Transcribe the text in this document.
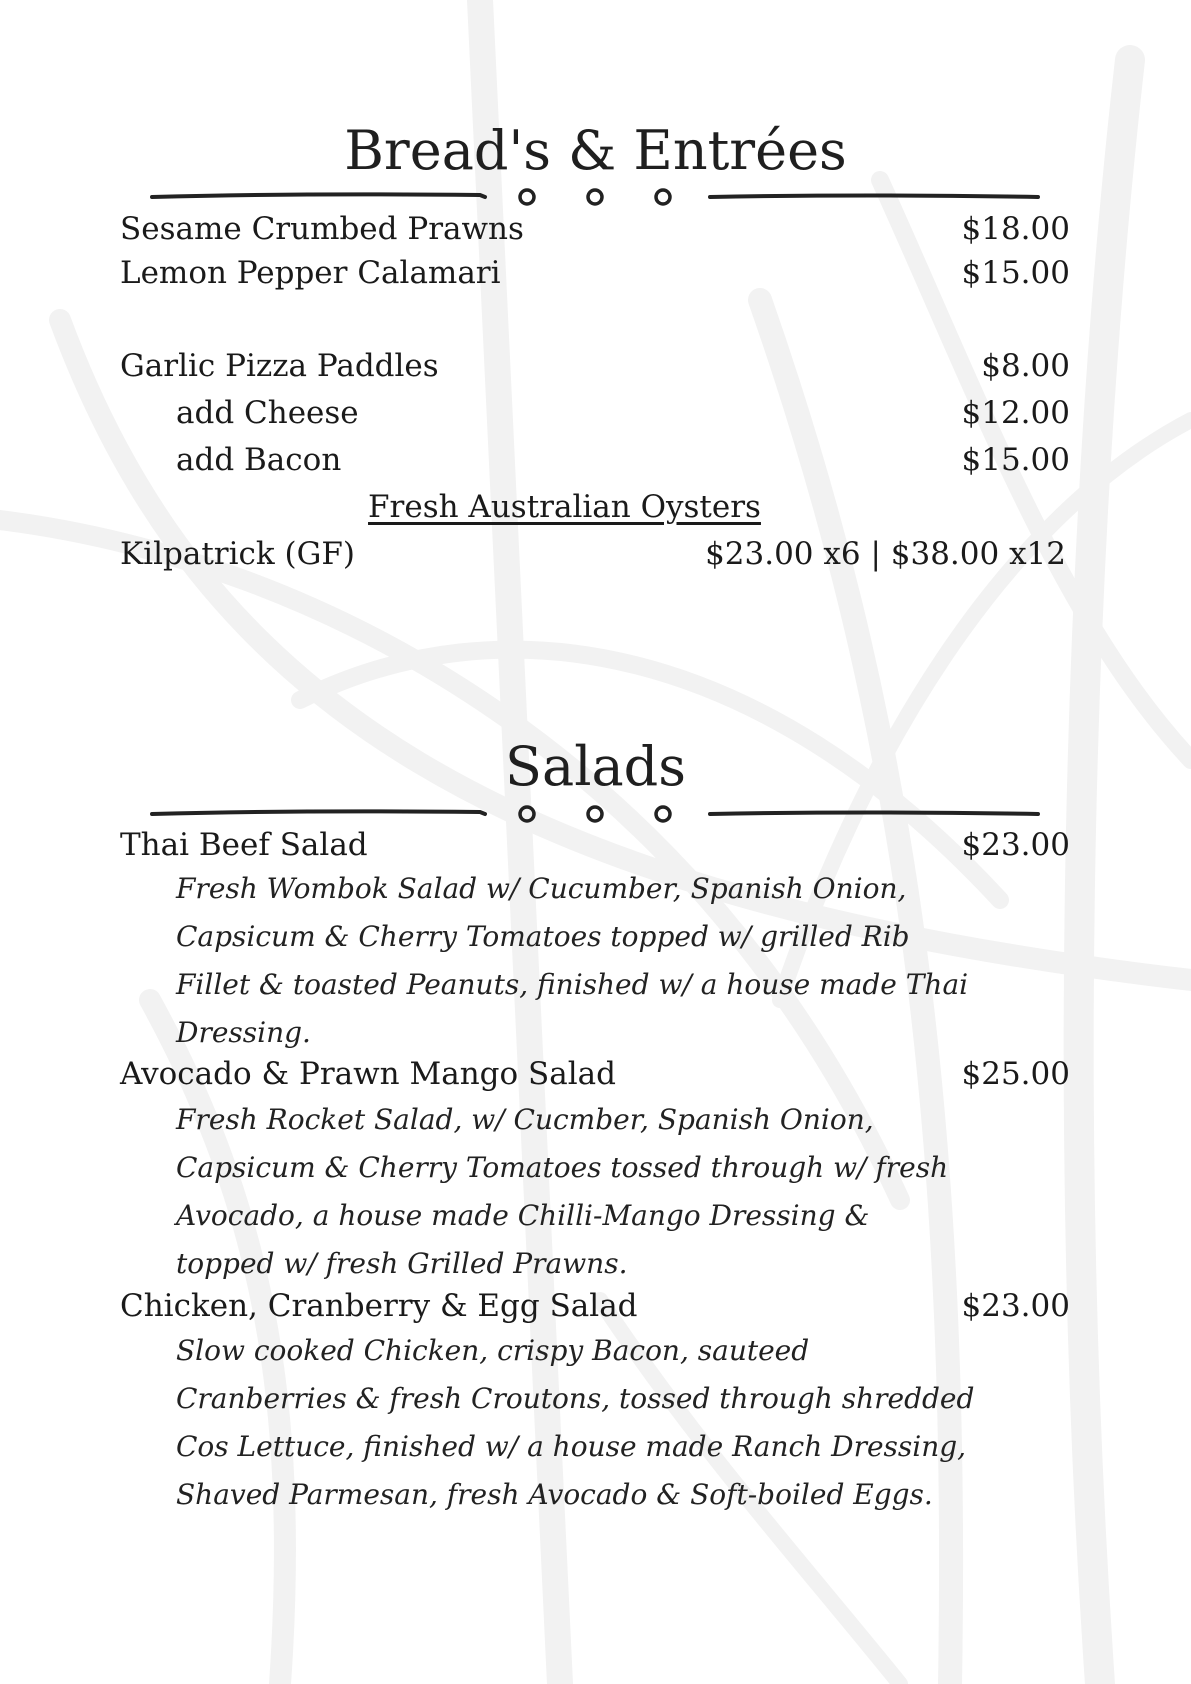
Bread's & Entrées
Sesame Crumbed Prawns	$18.00
Lemon Pepper Calamari	$15.00
Garlic Pizza Paddles	$8.00
add Cheese	$12.00
add Bacon	$15.00
Fresh Australian Oysters
Kilpatrick (GF)	$23.00 x6 | $38.00 x12
Salads
Thai Beef Salad	$23.00
Fresh Wombok Salad w/ Cucumber, Spanish Onion,
Capsicum & Cherry Tomatoes topped w/ grilled Rib
Fillet & toasted Peanuts, finished w/ a house made Thai
Dressing.
Avocado & Prawn Mango Salad	$25.00
Fresh Rocket Salad, w/ Cucmber, Spanish Onion,
Capsicum & Cherry Tomatoes tossed through w/ fresh
Avocado, a house made Chilli-Mango Dressing &
topped w/ fresh Grilled Prawns.
Chicken, Cranberry & Egg Salad	$23.00
Slow cooked Chicken, crispy Bacon, sauteed
Cranberries & fresh Croutons, tossed through shredded
Cos Lettuce, finished w/ a house made Ranch Dressing,
Shaved Parmesan, fresh Avocado & Soft-boiled Eggs.
